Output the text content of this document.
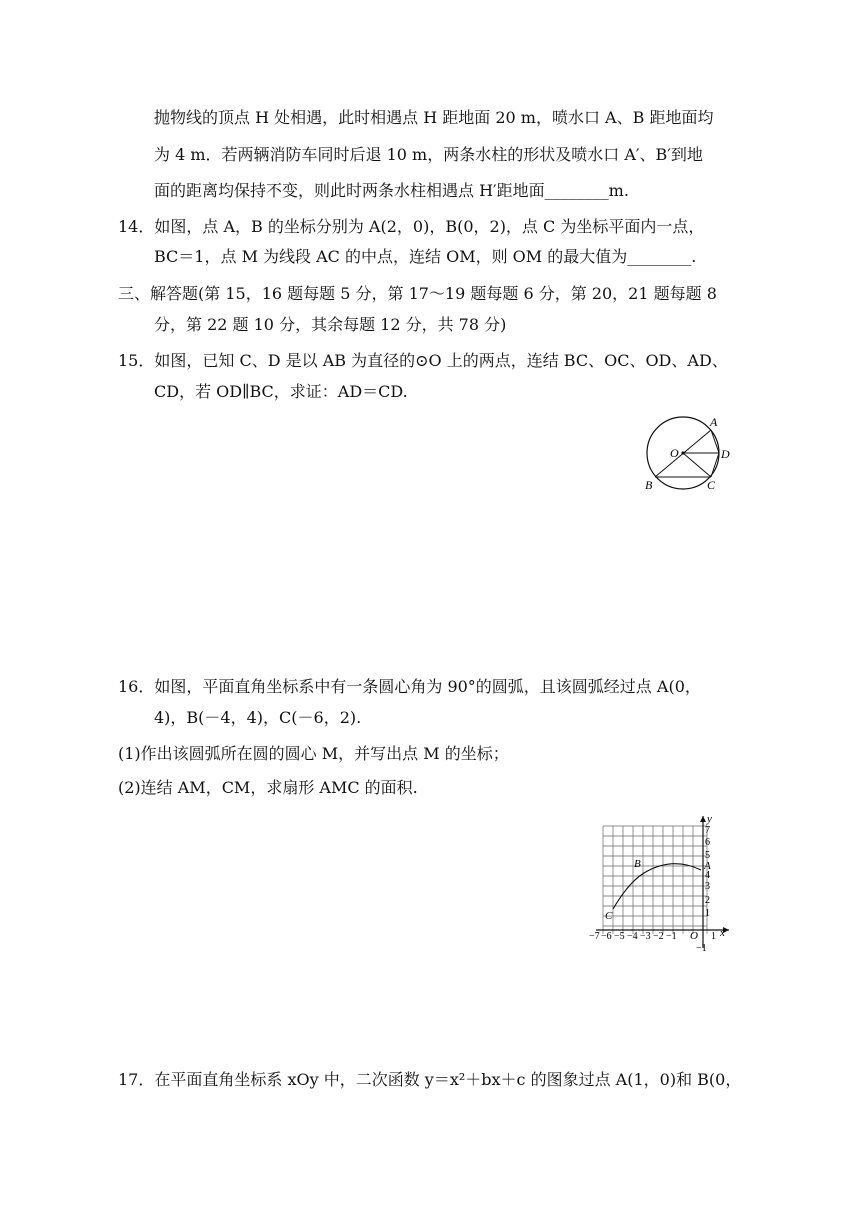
抛物线的顶点 H 处相遇，此时相遇点 H 距地面 20 m，喷水口 A、B 距地面均
为 4 m．若两辆消防车同时后退 10 m，两条水柱的形状及喷水口 A′、B′到地
面的距离均保持不变，则此时两条水柱相遇点 H′距地面________m.
14．如图，点 A，B 的坐标分别为 A(2，0)，B(0，2)，点 C 为坐标平面内一点，
BC＝1，点 M 为线段 AC 的中点，连结 OM，则 OM 的最大值为________.
三、解答题(第 15，16 题每题 5 分，第 17～19 题每题 6 分，第 20，21 题每题 8
分，第 22 题 10 分，其余每题 12 分，共 78 分)
15．如图，已知 C、D 是以 AB 为直径的⊙O 上的两点，连结 BC、OC、OD、AD、
CD，若 OD∥BC，求证：AD＝CD.
A
O	D
B	C
16．如图，平面直角坐标系中有一条圆心角为 90°的圆弧，且该圆弧经过点 A(0，
4)，B(－4，4)，C(－6，2).
(1)作出该圆弧所在圆的圆心 M，并写出点 M 的坐标；
(2)连结 AM，CM，求扇形 AMC 的面积.
y
x
O
A
B
C
7
6
5
4
3
2
1
−1
−7 −6 −5 −4 −3 −2 −1	1
17．在平面直角坐标系 xOy 中，二次函数 y＝x²＋bx＋c 的图象过点 A(1，0)和 B(0，
